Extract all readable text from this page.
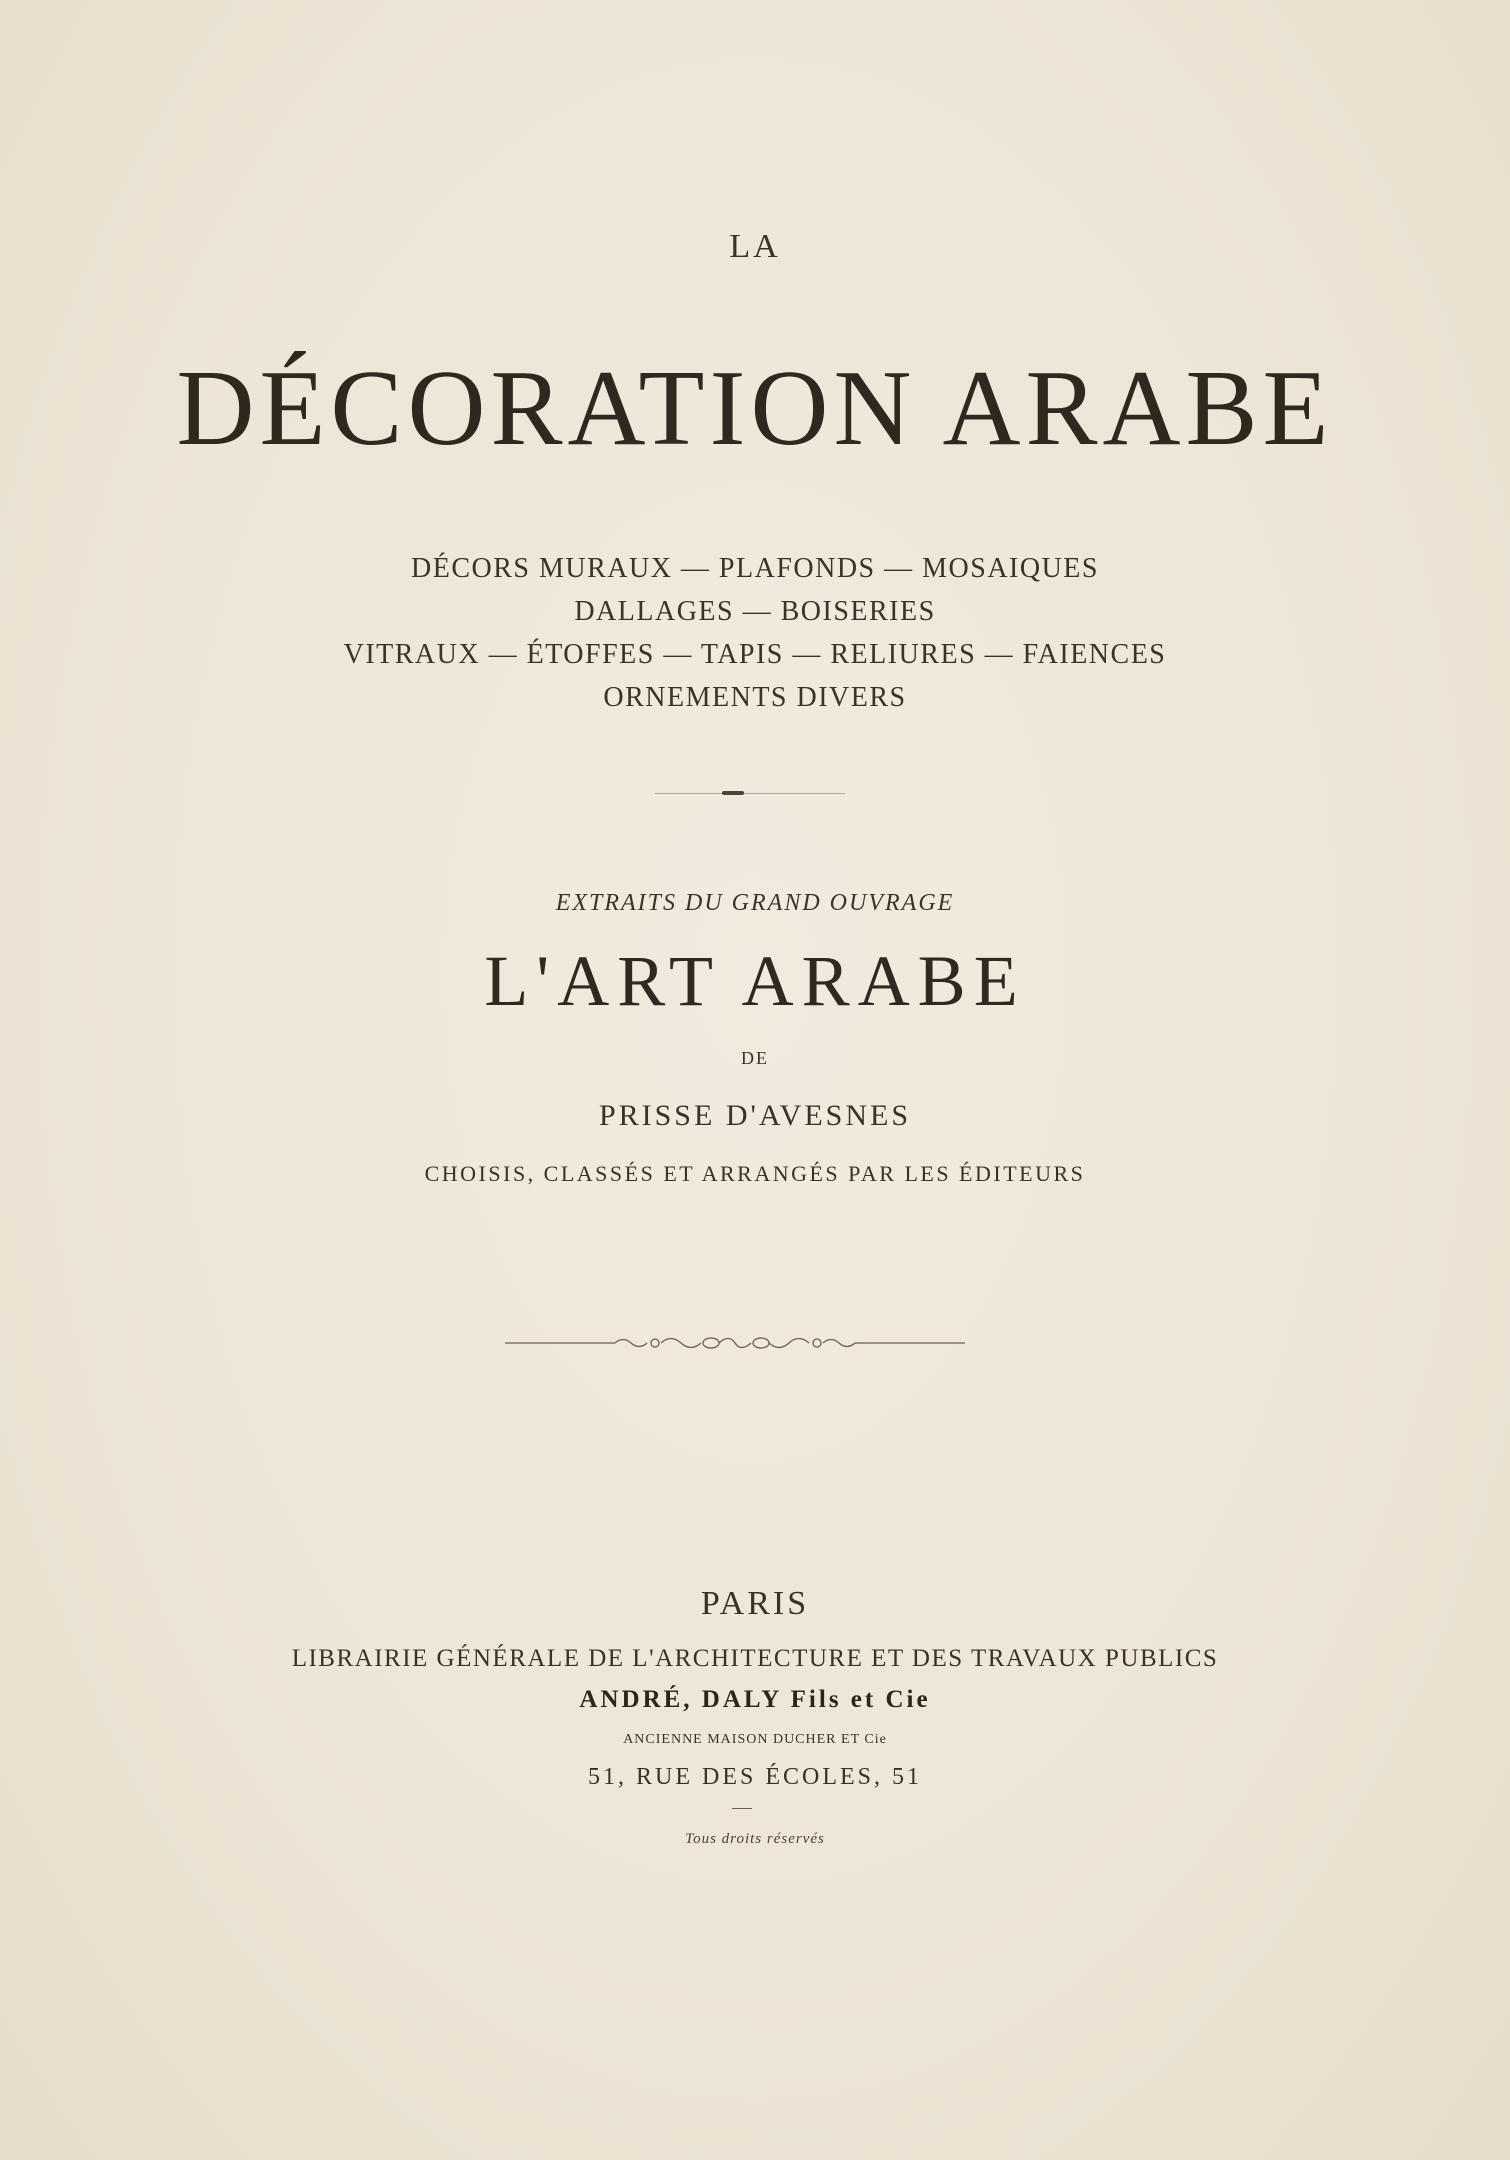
LA
DÉCORATION ARABE
DÉCORS MURAUX — PLAFONDS — MOSAIQUES
DALLAGES — BOISERIES
VITRAUX — ÉTOFFES — TAPIS — RELIURES — FAIENCES
ORNEMENTS DIVERS
EXTRAITS DU GRAND OUVRAGE
L'ART ARABE
DE
PRISSE D'AVESNES
CHOISIS, CLASSÉS ET ARRANGÉS PAR LES ÉDITEURS
PARIS
LIBRAIRIE GÉNÉRALE DE L'ARCHITECTURE ET DES TRAVAUX PUBLICS
ANDRÉ, DALY Fils et Cie
ANCIENNE MAISON DUCHER ET Cie
51, RUE DES ÉCOLES, 51
Tous droits réservés
